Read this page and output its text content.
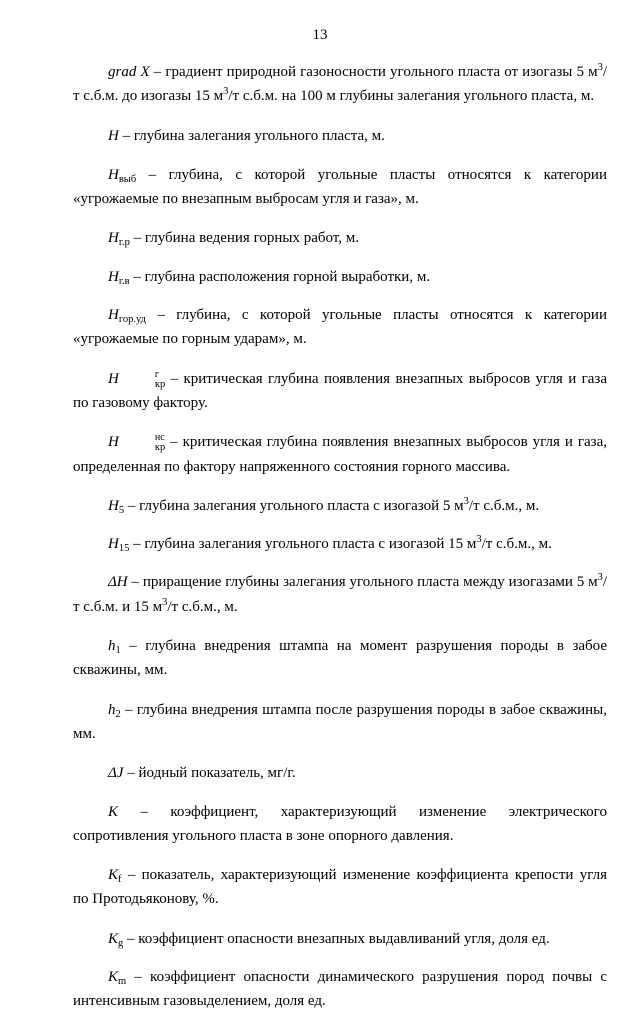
13

grad X – градиент природной газоносности угольного пласта от изогазы 5 $м^3/т$ с.б.м. до изогазы 15 $м^3/т$ с.б.м. на 100 м глубины залегания угольного пласта, м.

H – глубина залегания угольного пласта, м.

$H_{выб}$ – глубина, с которой угольные пласты относятся к категории «угрожаемые по внезапным выбросам угля и газа», м.

$H_{г.р}$ – глубина ведения горных работ, м.

$H_{г.в}$ – глубина расположения горной выработки, м.

$H_{гор.уд}$ – глубина, с которой угольные пласты относятся к категории «угрожаемые по горным ударам», м.

H	г
кр – критическая глубина появления внезапных выбросов угля и газа по газовому фактору.

H	нс
кр – критическая глубина появления внезапных выбросов угля и газа, определенная по фактору напряженного состояния горного массива.

$H_5$ – глубина залегания угольного пласта с изогазой 5 $м^3/т$ с.б.м., м.

$H_{15}$ – глубина залегания угольного пласта с изогазой 15 $м^3/т$ с.б.м., м.

ΔH – приращение глубины залегания угольного пласта между изогазами 5 $м^3/т$ с.б.м. и 15 $м^3/т$ с.б.м., м.

$h_1$ – глубина внедрения штампа на момент разрушения породы в забое скважины, мм.

$h_2$ – глубина внедрения штампа после разрушения породы в забое скважины, мм.

ΔJ – йодный показатель, мг/г.

K – коэффициент, характеризующий изменение электрического

сопротивления угольного пласта в зоне опорного давления.

$K_f$ – показатель, характеризующий изменение коэффициента крепости угля по Протодьяконову, %.

$K_g$ – коэффициент опасности внезапных выдавливаний угля, доля ед.

$K_m$ – коэффициент опасности динамического разрушения пород почвы с интенсивным газовыделением, доля ед.
